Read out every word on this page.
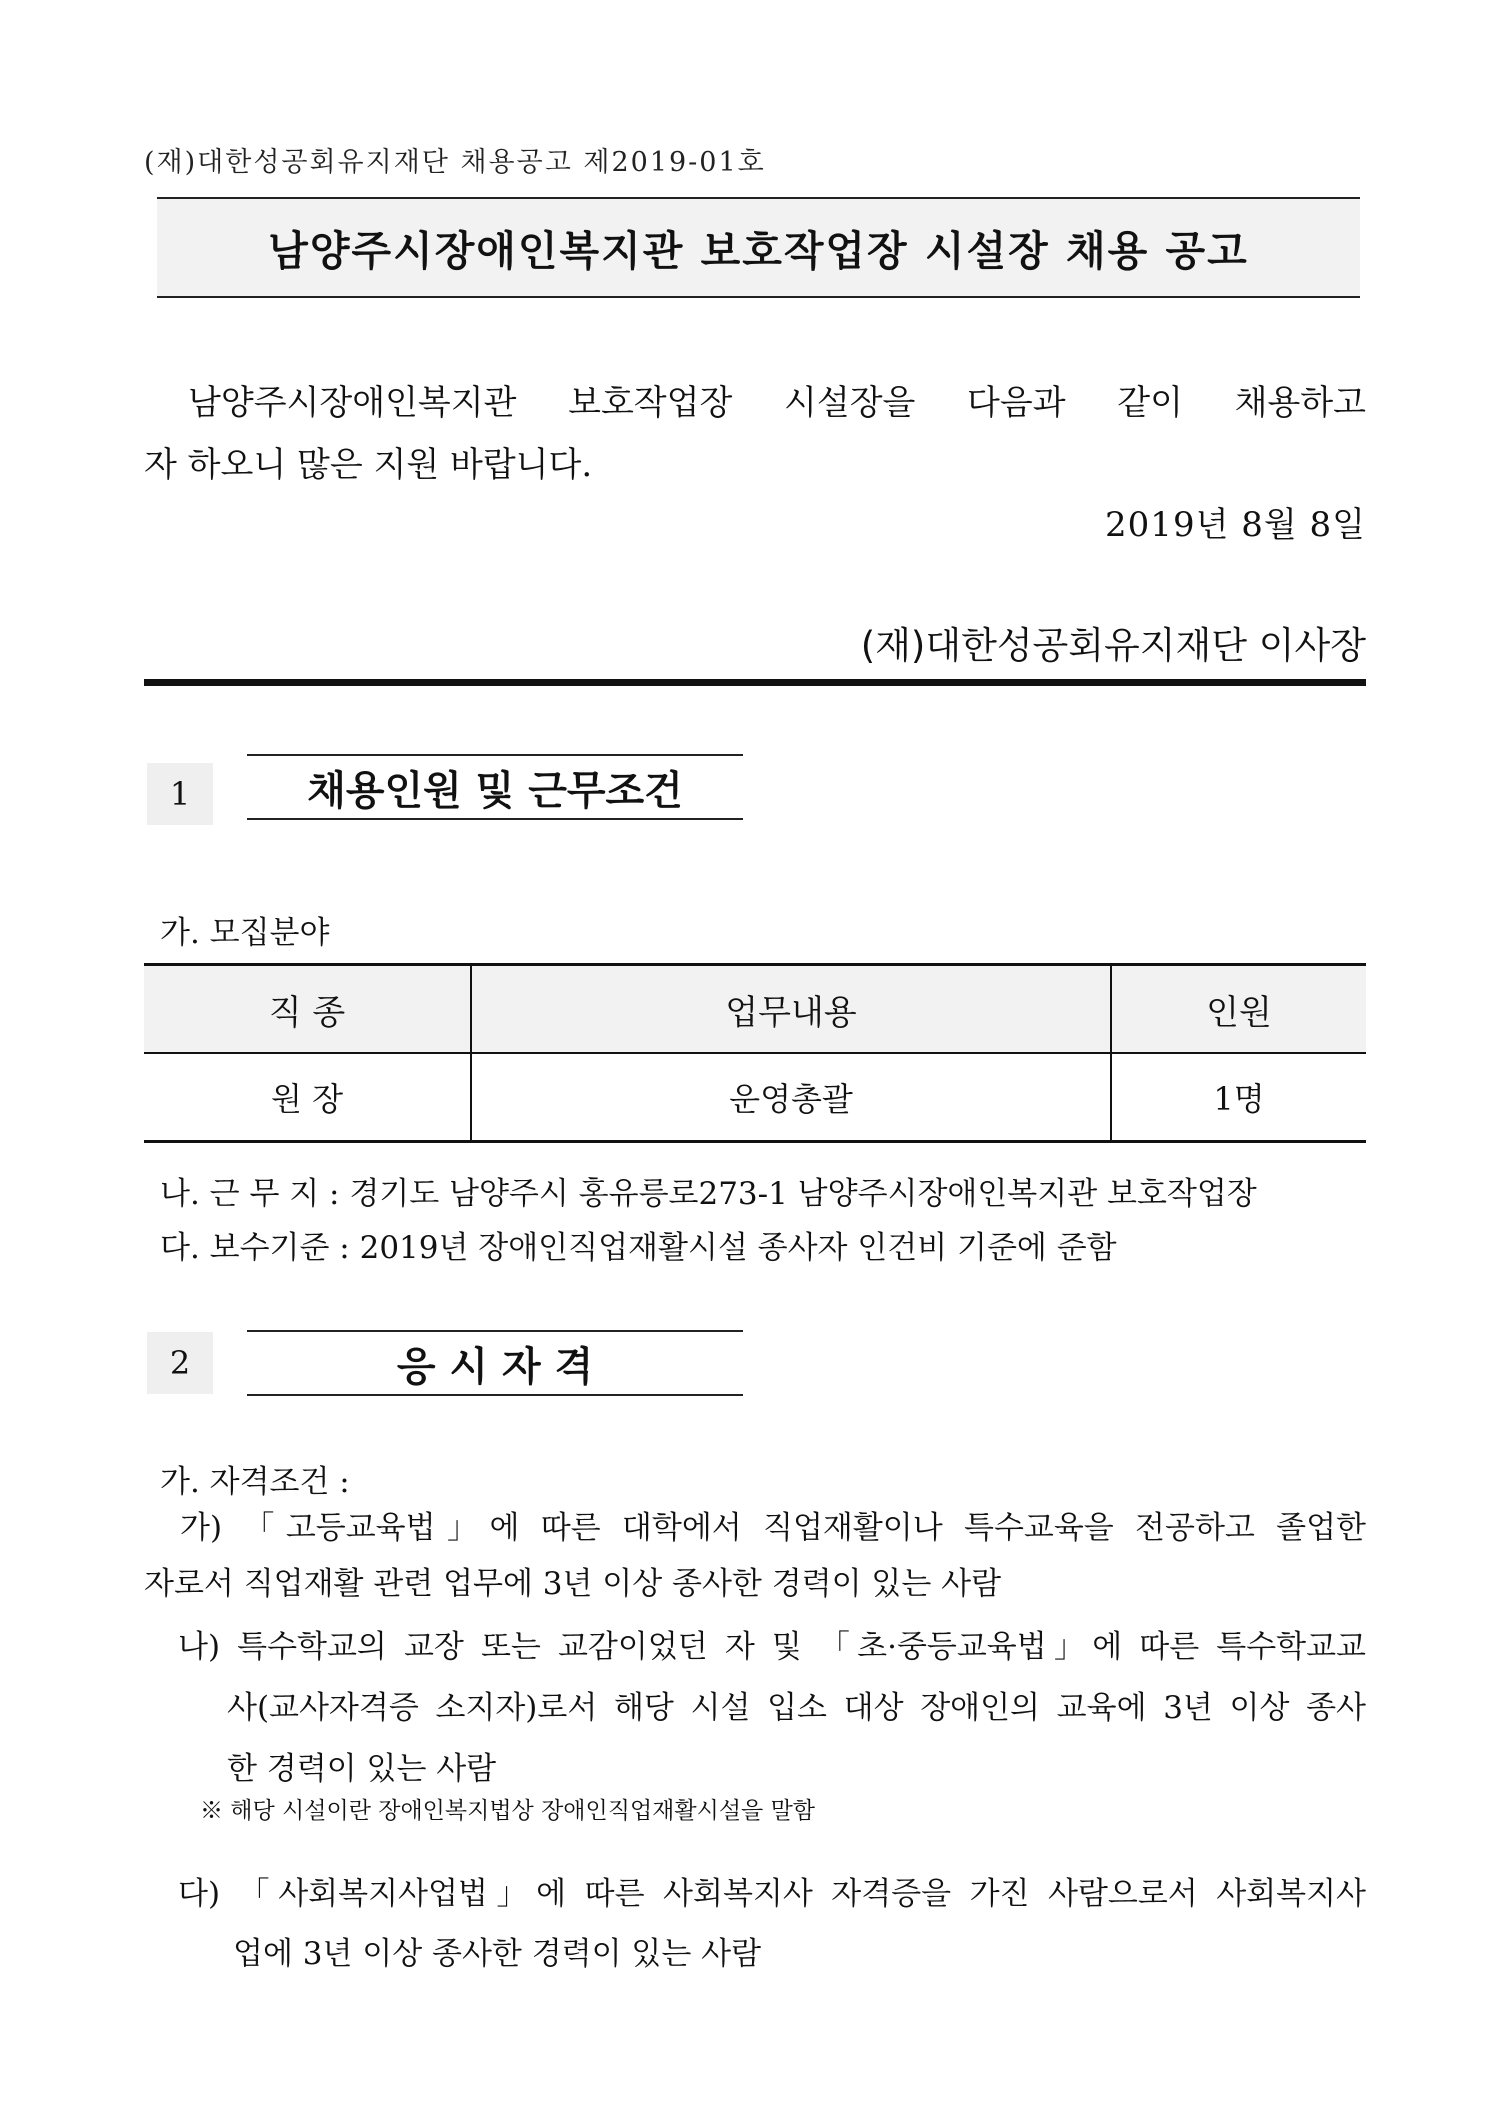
(재)대한성공회유지재단 채용공고 제2019-01호
남양주시장애인복지관 보호작업장 시설장 채용 공고

남양주시장애인복지관 보호작업장 시설장을 다음과 같이 채용하고

자 하오니 많은 지원 바랍니다.

2019년 8월 8일
(재)대한성공회유지재단 이사장
1	채용인원 및 근무조건
가. 모집분야
직 종	업무내용	인원
원 장	운영총괄	1명
나. 근 무 지 : 경기도 남양주시 홍유릉로273-1 남양주시장애인복지관 보호작업장
다. 보수기준 : 2019년 장애인직업재활시설 종사자 인건비 기준에 준함
2	응 시 자 격
가. 자격조건 :

가) 「고등교육법」에 따른 대학에서 직업재활이나 특수교육을 전공하고 졸업한

자로서 직업재활 관련 업무에 3년 이상 종사한 경력이 있는 사람

나) 특수학교의 교장 또는 교감이었던 자 및 「초·중등교육법」에 따른 특수학교교

사(교사자격증 소지자)로서 해당 시설 입소 대상 장애인의 교육에 3년 이상 종사

한 경력이 있는 사람

※ 해당 시설이란 장애인복지법상 장애인직업재활시설을 말함

다) 「사회복지사업법」에 따른 사회복지사 자격증을 가진 사람으로서 사회복지사

업에 3년 이상 종사한 경력이 있는 사람
